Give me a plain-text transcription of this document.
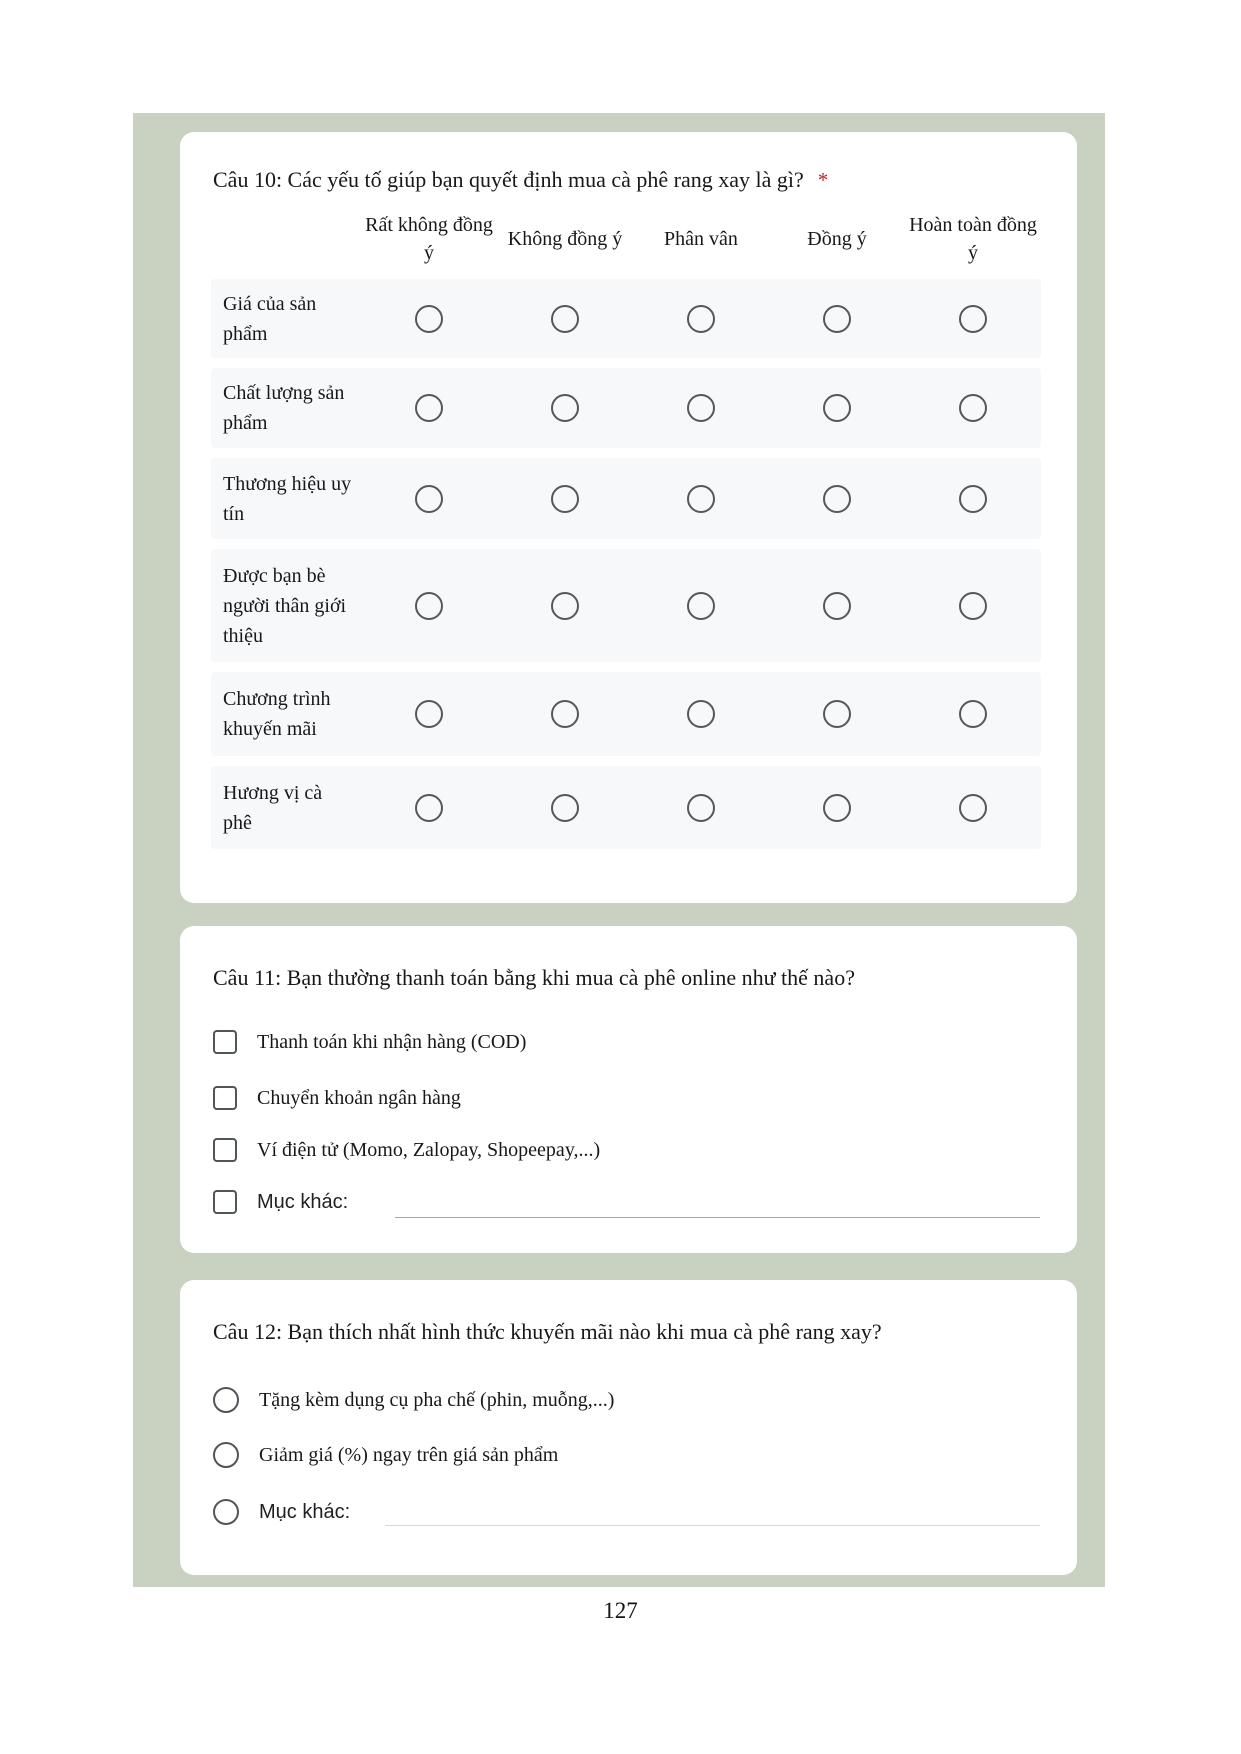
Câu 10: Các yếu tố giúp bạn quyết định mua cà phê rang xay là gì? *
Rất không đồng ý
Không đồng ý	Phân vân	Đồng ý
Hoàn toàn đồng ý
Giá của sản phẩm
Chất lượng sản phẩm
Thương hiệu uy tín
Được bạn bè người thân giới thiệu
Chương trình khuyến mãi
Hương vị cà phê
Câu 11: Bạn thường thanh toán bằng khi mua cà phê online như thế nào?
Thanh toán khi nhận hàng (COD)
Chuyển khoản ngân hàng
Ví điện tử (Momo, Zalopay, Shopeepay,...)
Mục khác:
Câu 12: Bạn thích nhất hình thức khuyến mãi nào khi mua cà phê rang xay?
Tặng kèm dụng cụ pha chế (phin, muỗng,...)
Giảm giá (%) ngay trên giá sản phẩm
Mục khác:
127
